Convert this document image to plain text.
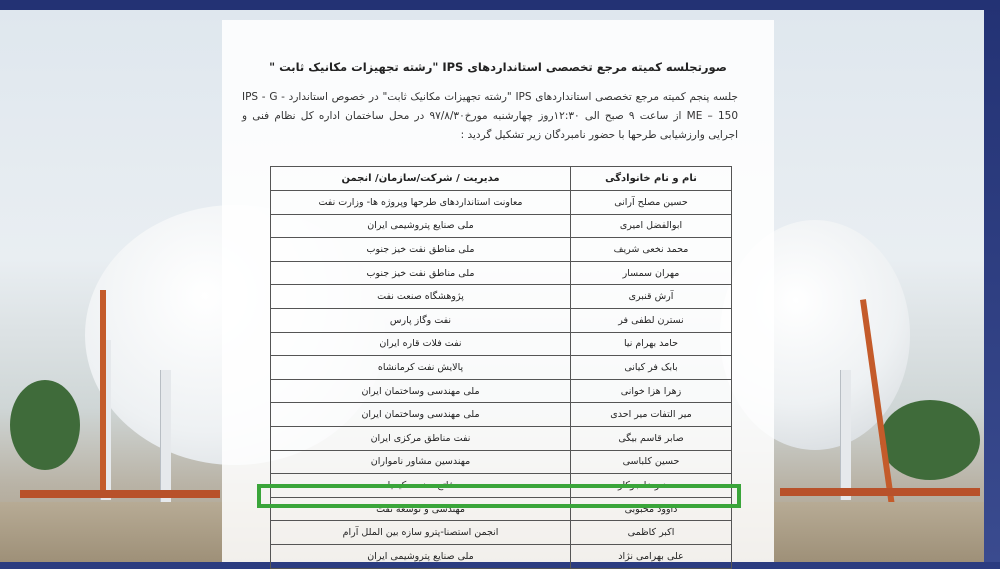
صورتجلسه کمیته مرجع تخصصی استانداردهای IPS "رشته تجهیزات مکانیک ثابت "
جلسه پنجم کمیته مرجع تخصصی استانداردهای IPS "رشته تجهیزات مکانیک ثابت" در خصوص استاندارد IPS - G - ME – 150 از ساعت ۹ صبح الی ۱۲:۳۰روز چهارشنبه مورخ۹۷/۸/۳۰ در محل ساختمان اداره کل نظام فنی و اجرایی وارزشیابی طرحها با حضور نامبردگان زیر تشکیل گردید :
نام و نام خانوادگی	مدیریت / شرکت/سازمان/ انجمن
حسین مصلح آرانی	معاونت استانداردهای طرحها وپروژه ها- وزارت نفت
ابوالفضل امیری	ملی صنایع پتروشیمی ایران
محمد نخعی شریف	ملی مناطق نفت خیز جنوب
مهران سمسار	ملی مناطق نفت خیز جنوب
آرش قنبری	پژوهشگاه صنعت نفت
نسترن لطفی فر	نفت وگاز پارس
حامد بهرام نیا	نفت فلات قاره ایران
بابک فر کیانی	پالایش نفت کرمانشاه
زهرا هزا خوانی	ملی مهندسی وساختمان ایران
میر التفات میر احدی	ملی مهندسی وساختمان ایران
صابر قاسم بیگی	نفت مناطق مرکزی ایران
حسین کلباسی	مهندسین مشاور نامواران
محمد رضا جوکار	فاتح صنعت کیمیا
داوود محبوبی	مهندسی و توسعه نفت
اکبر کاظمی	انجمن استصنا-پترو سازه بین الملل آرام
علی بهرامی نژاد	ملی صنایع پتروشیمی ایران
